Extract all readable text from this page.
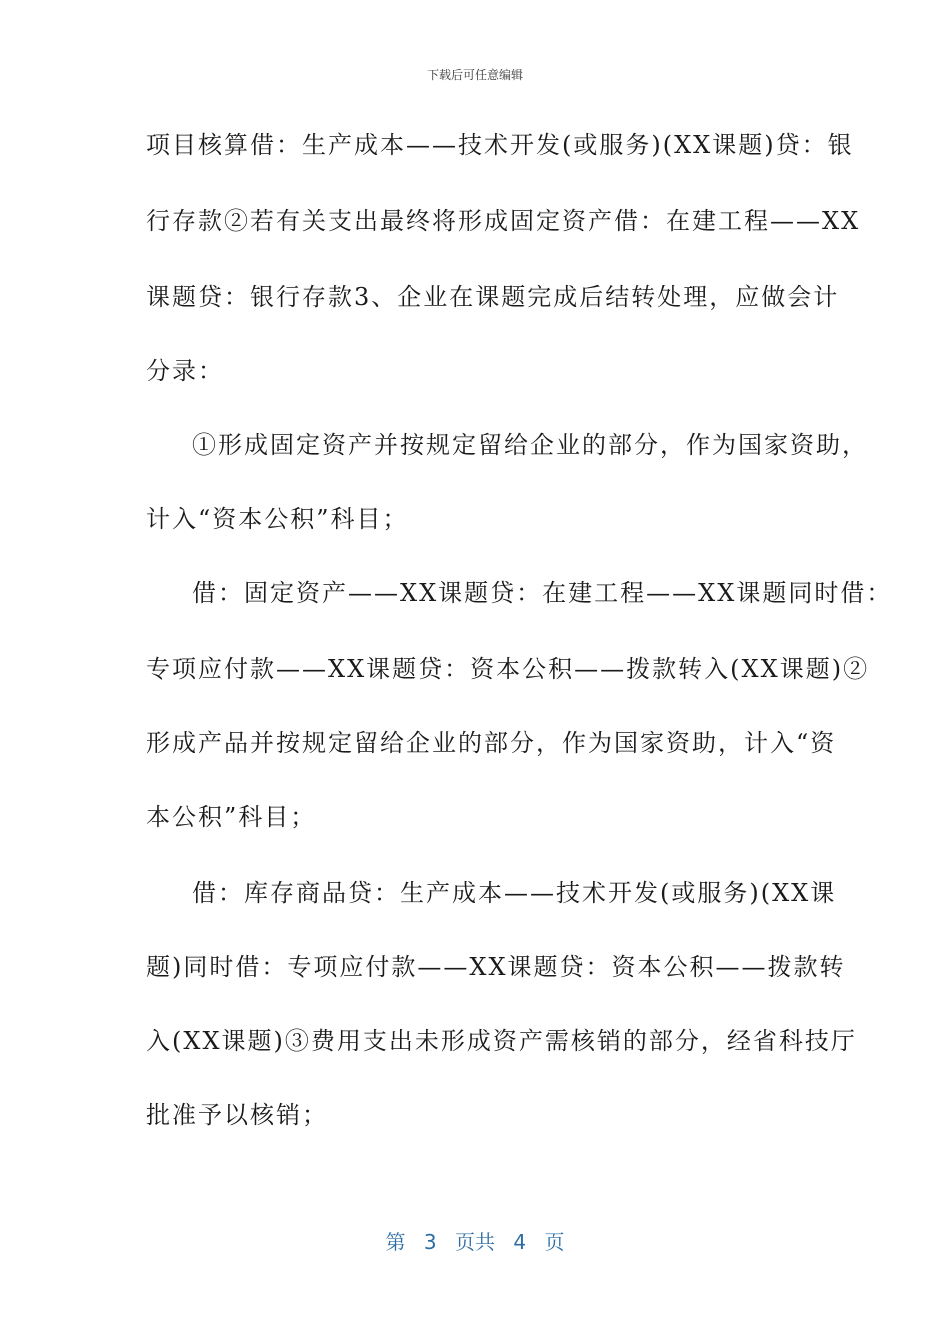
下载后可任意编辑
项目核算借：生产成本——技术开发(或服务)(XX课题)贷：银
行存款②若有关支出最终将形成固定资产借：在建工程——XX
课题贷：银行存款3、企业在课题完成后结转处理，应做会计
分录：
①形成固定资产并按规定留给企业的部分，作为国家资助，
计入“资本公积”科目；
借：固定资产——XX课题贷：在建工程——XX课题同时借：
专项应付款——XX课题贷：资本公积——拨款转入(XX课题)②
形成产品并按规定留给企业的部分，作为国家资助，计入“资
本公积”科目；
借：库存商品贷：生产成本——技术开发(或服务)(XX课
题)同时借：专项应付款——XX课题贷：资本公积——拨款转
入(XX课题)③费用支出未形成资产需核销的部分，经省科技厅
批准予以核销；
第 3 页共 4 页
